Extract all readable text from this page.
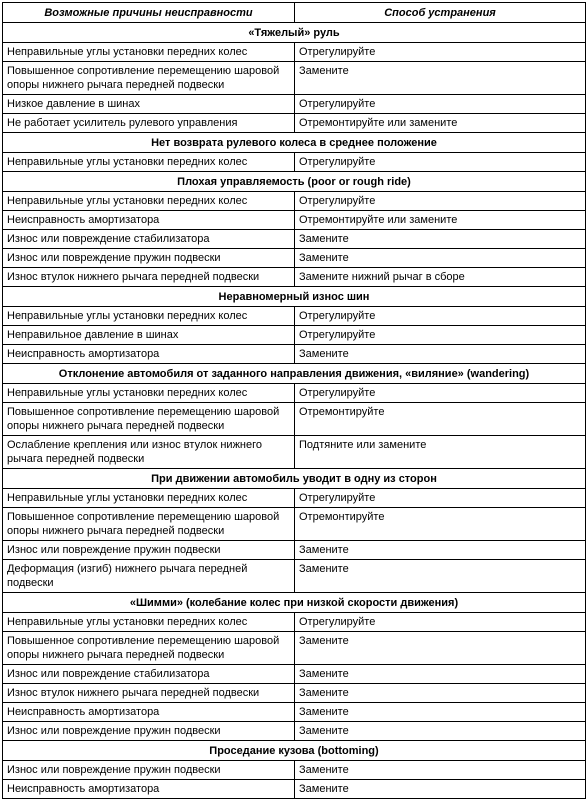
Возможные причины неисправности	Способ устранения
«Тяжелый» руль	
Неправильные углы установки передних колес	Отрегулируйте
Повышенное сопротивление перемещению шаровой опоры нижнего рычага передней подвески	Замените
Низкое давление в шинах	Отрегулируйте
Не работает усилитель рулевого управления	Отремонтируйте или замените
Нет возврата рулевого колеса в среднее положение	
Неправильные углы установки передних колес	Отрегулируйте
Плохая управляемость (poor or rough ride)	
Неправильные углы установки передних колес	Отрегулируйте
Неисправность амортизатора	Отремонтируйте или замените
Износ или повреждение стабилизатора	Замените
Износ или повреждение пружин подвески	Замените
Износ втулок нижнего рычага передней подвески	Замените нижний рычаг в сборе
Неравномерный износ шин	
Неправильные углы установки передних колес	Отрегулируйте
Неправильное давление в шинах	Отрегулируйте
Неисправность амортизатора	Замените
Отклонение автомобиля от заданного направления движения, «виляние» (wandering)	
Неправильные углы установки передних колес	Отрегулируйте
Повышенное сопротивление перемещению шаровой опоры нижнего рычага передней подвески	Отремонтируйте
Ослабление крепления или износ втулок нижнего рычага передней подвески	Подтяните или замените
При движении автомобиль уводит в одну из сторон	
Неправильные углы установки передних колес	Отрегулируйте
Повышенное сопротивление перемещению шаровой опоры нижнего рычага передней подвески	Отремонтируйте
Износ или повреждение пружин подвески	Замените
Деформация (изгиб) нижнего рычага передней подвески	Замените
«Шимми» (колебание колес при низкой скорости движения)	
Неправильные углы установки передних колес	Отрегулируйте
Повышенное сопротивление перемещению шаровой опоры нижнего рычага передней подвески	Замените
Износ или повреждение стабилизатора	Замените
Износ втулок нижнего рычага передней подвески	Замените
Неисправность амортизатора	Замените
Износ или повреждение пружин подвески	Замените
Проседание кузова (bottoming)	
Износ или повреждение пружин подвески	Замените
Неисправность амортизатора	Замените
